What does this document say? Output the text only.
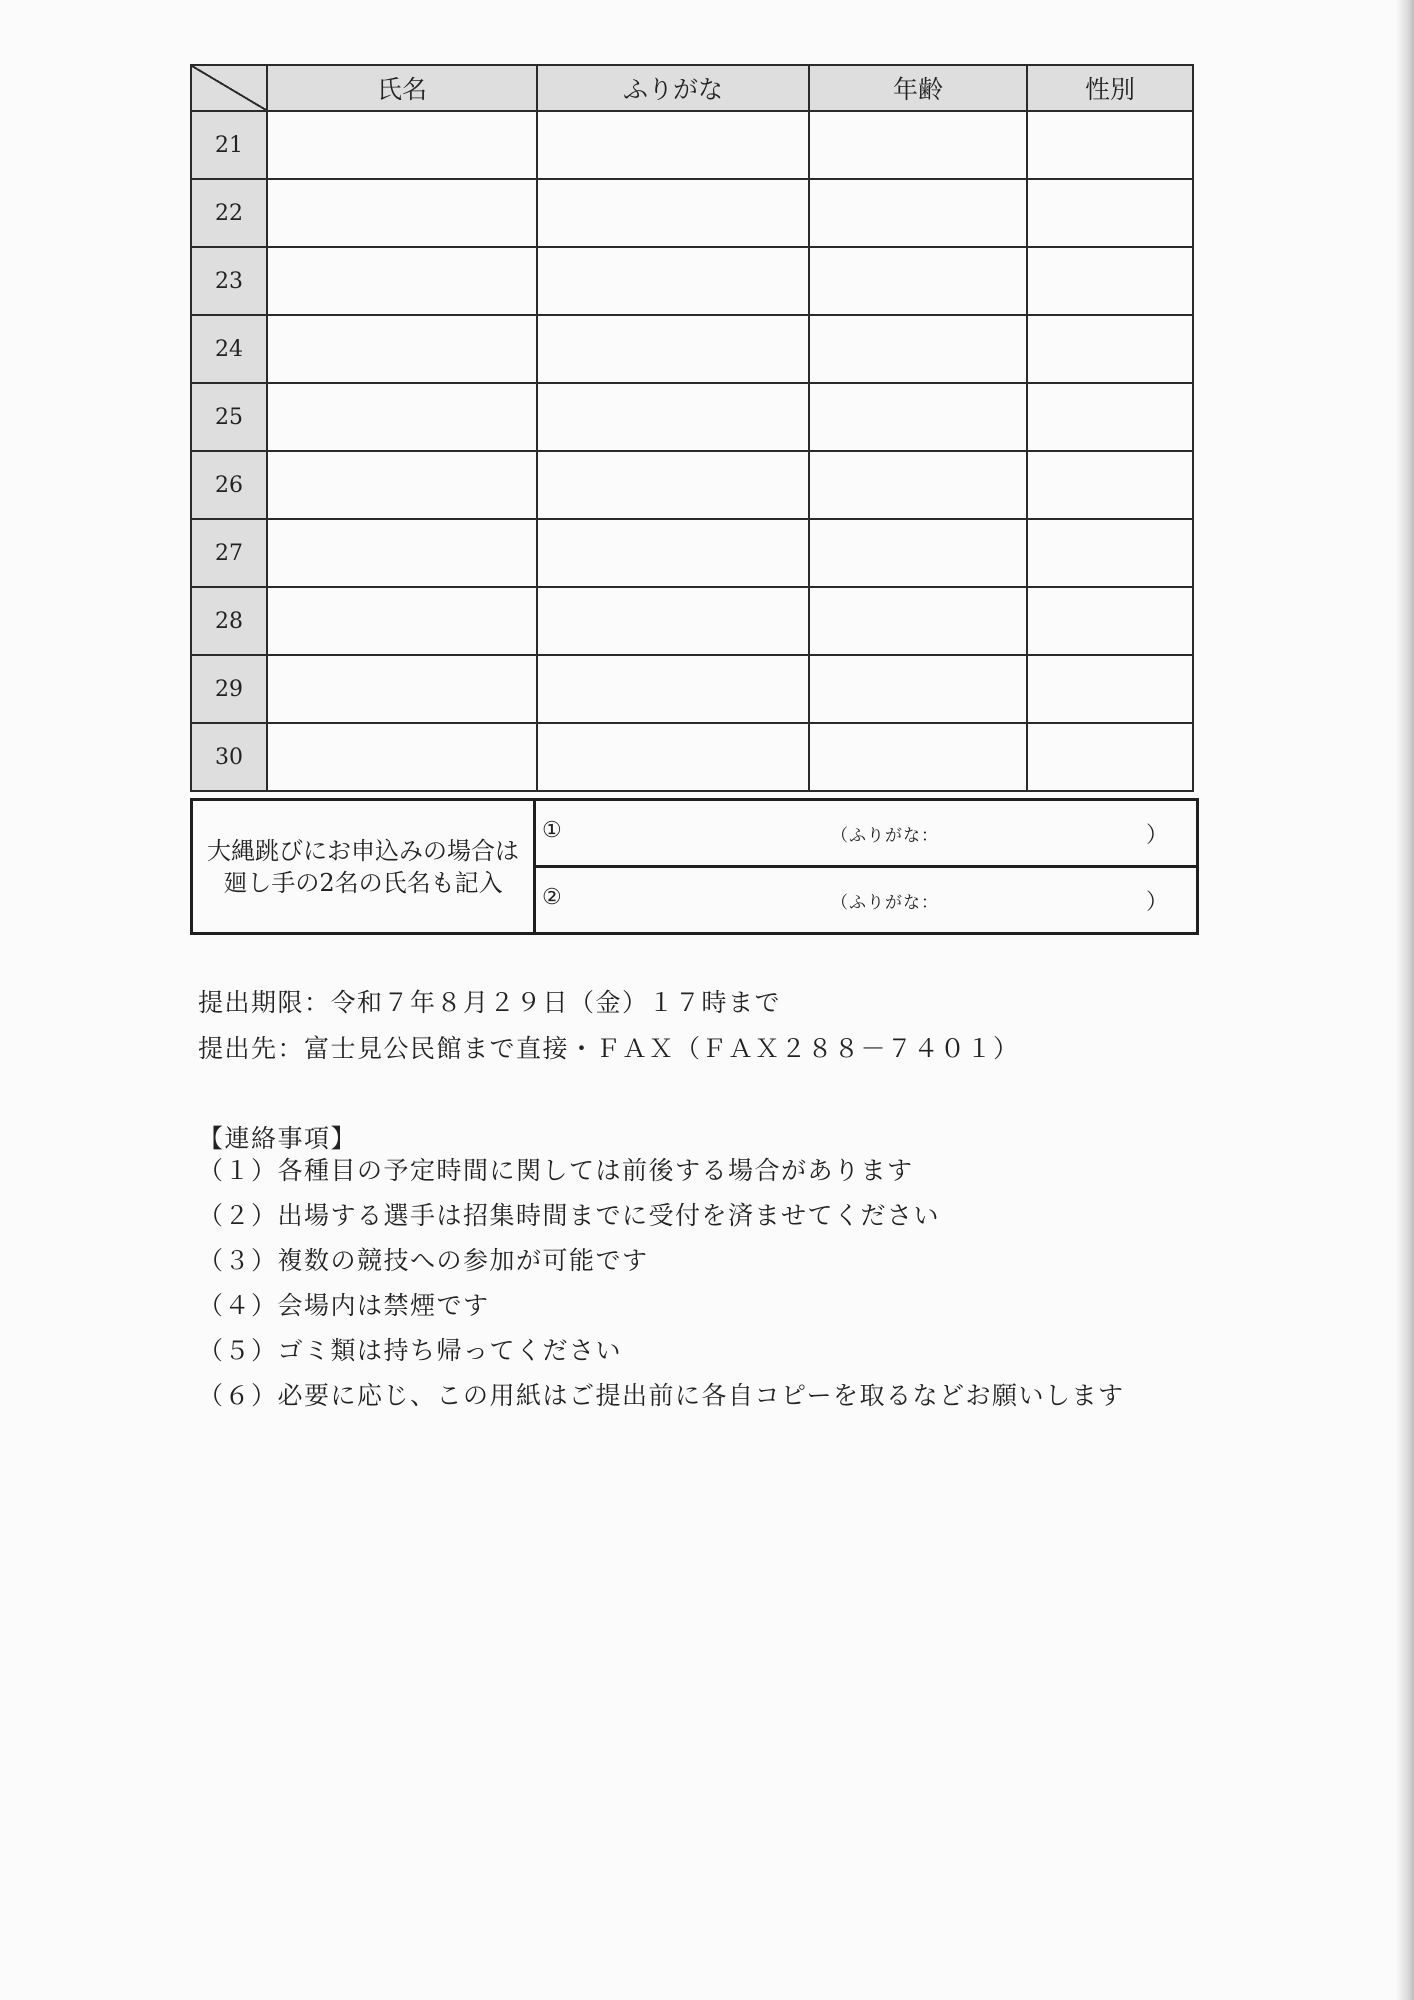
	氏名	ふりがな	年齢	性別
21				
22				
23				
24				
25				
26				
27				
28				
29				
30				
大縄跳びにお申込みの場合は
廻し手の2名の氏名も記入

①	（ふりがな：	）

②	（ふりがな：	）
提出期限：令和７年８月２９日（金）１７時まで
提出先：富士見公民館まで直接・ＦＡＸ（ＦＡＸ２８８－７４０１）
【連絡事項】
（１）各種目の予定時間に関しては前後する場合があります
（２）出場する選手は招集時間までに受付を済ませてください
（３）複数の競技への参加が可能です
（４）会場内は禁煙です
（５）ゴミ類は持ち帰ってください
（６）必要に応じ、この用紙はご提出前に各自コピーを取るなどお願いします
